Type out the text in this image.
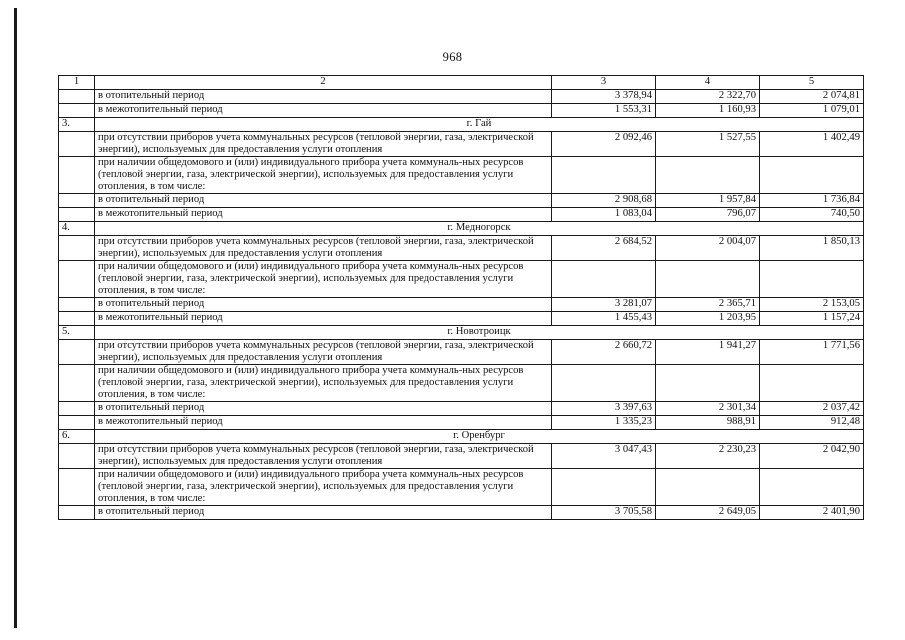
968
1	2	3	4	5
	в отопительный период	3 378,94	2 322,70	2 074,81
	в межотопительный период	1 553,31	1 160,93	1 079,01
3.	г. Гай			
	при отсутствии приборов учета коммунальных ресурсов (тепловой энергии, газа, электрической энергии), используемых для предоставления услуги отопления	2 092,46	1 527,55	1 402,49
	при наличии общедомового и (или) индивидуального прибора учета коммуналь-ных ресурсов (тепловой энергии, газа, электрической энергии), используемых для предоставления услуги отопления, в том числе:			
	в отопительный период	2 908,68	1 957,84	1 736,84
	в межотопительный период	1 083,04	796,07	740,50
4.	г. Медногорск			
	при отсутствии приборов учета коммунальных ресурсов (тепловой энергии, газа, электрической энергии), используемых для предоставления услуги отопления	2 684,52	2 004,07	1 850,13
	при наличии общедомового и (или) индивидуального прибора учета коммуналь-ных ресурсов (тепловой энергии, газа, электрической энергии), используемых для предоставления услуги отопления, в том числе:			
	в отопительный период	3 281,07	2 365,71	2 153,05
	в межотопительный период	1 455,43	1 203,95	1 157,24
5.	г. Новотроицк			
	при отсутствии приборов учета коммунальных ресурсов (тепловой энергии, газа, электрической энергии), используемых для предоставления услуги отопления	2 660,72	1 941,27	1 771,56
	при наличии общедомового и (или) индивидуального прибора учета коммуналь-ных ресурсов (тепловой энергии, газа, электрической энергии), используемых для предоставления услуги отопления, в том числе:			
	в отопительный период	3 397,63	2 301,34	2 037,42
	в межотопительный период	1 335,23	988,91	912,48
6.	г. Оренбург			
	при отсутствии приборов учета коммунальных ресурсов (тепловой энергии, газа, электрической энергии), используемых для предоставления услуги отопления	3 047,43	2 230,23	2 042,90
	при наличии общедомового и (или) индивидуального прибора учета коммуналь-ных ресурсов (тепловой энергии, газа, электрической энергии), используемых для предоставления услуги отопления, в том числе:			
	в отопительный период	3 705,58	2 649,05	2 401,90
